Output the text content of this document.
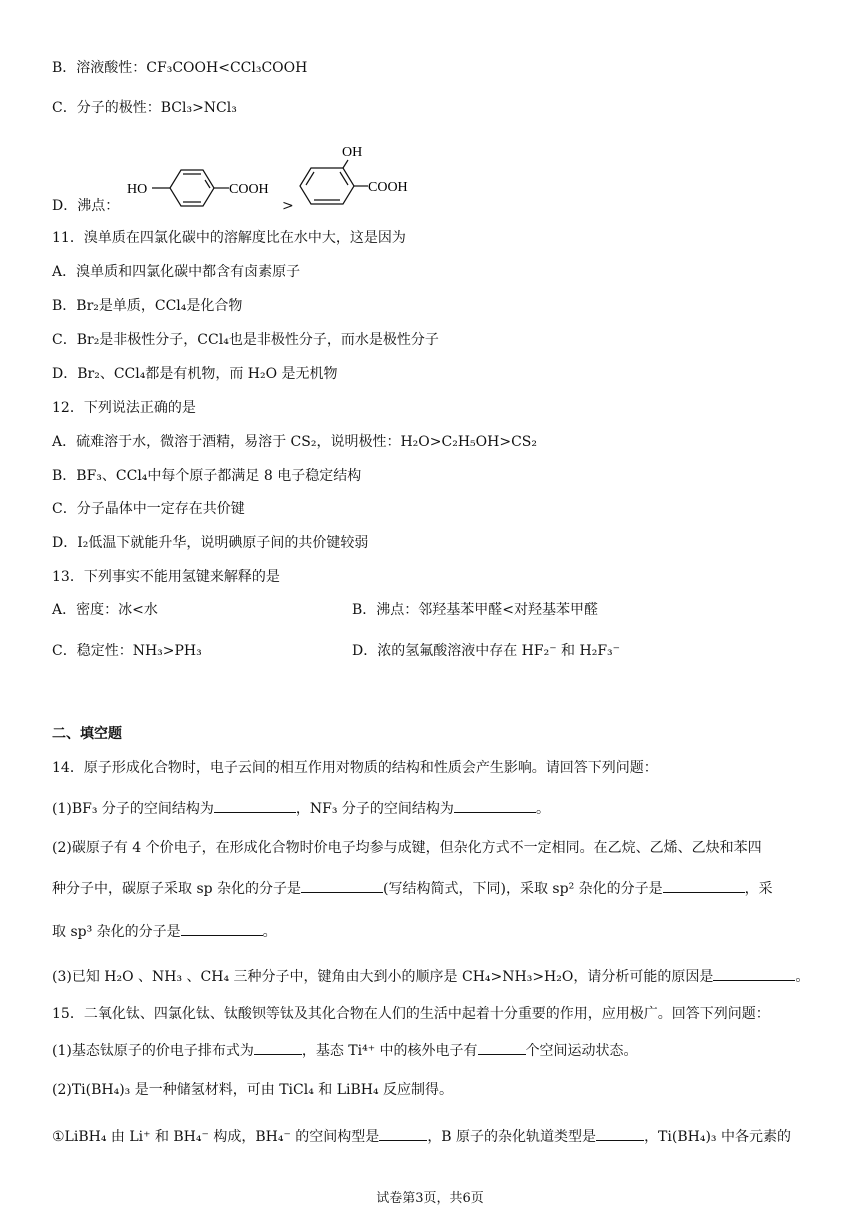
B．溶液酸性：CF₃COOH<CCl₃COOH
C．分子的极性：BCl₃>NCl₃
D．沸点：
HO	COOH
>
OH
COOH
11．溴单质在四氯化碳中的溶解度比在水中大，这是因为
A．溴单质和四氯化碳中都含有卤素原子
B．Br₂是单质，CCl₄是化合物
C．Br₂是非极性分子，CCl₄也是非极性分子，而水是极性分子
D．Br₂、CCl₄都是有机物，而 H₂O 是无机物
12．下列说法正确的是
A．硫难溶于水，微溶于酒精，易溶于 CS₂，说明极性：H₂O>C₂H₅OH>CS₂
B．BF₃、CCl₄中每个原子都满足 8 电子稳定结构
C．分子晶体中一定存在共价键
D．I₂低温下就能升华，说明碘原子间的共价键较弱
13．下列事实不能用氢键来解释的是
A．密度：冰<水	B．沸点：邻羟基苯甲醛<对羟基苯甲醛
C．稳定性：NH₃>PH₃	D．浓的氢氟酸溶液中存在 HF₂⁻ 和 H₂F₃⁻
二、填空题
14．原子形成化合物时，电子云间的相互作用对物质的结构和性质会产生影响。请回答下列问题：
(1)BF₃ 分子的空间结构为	，NF₃ 分子的空间结构为	。
(2)碳原子有 4 个价电子，在形成化合物时价电子均参与成键，但杂化方式不一定相同。在乙烷、乙烯、乙炔和苯四
种分子中，碳原子采取 sp 杂化的分子是	(写结构简式，下同)，采取 sp² 杂化的分子是	，采
取 sp³ 杂化的分子是	。
(3)已知 H₂O 、NH₃ 、CH₄ 三种分子中，键角由大到小的顺序是 CH₄>NH₃>H₂O，请分析可能的原因是	。
15．二氧化钛、四氯化钛、钛酸钡等钛及其化合物在人们的生活中起着十分重要的作用，应用极广。回答下列问题：
(1)基态钛原子的价电子排布式为	，基态 Ti⁴⁺ 中的核外电子有	个空间运动状态。
(2)Ti(BH₄)₃ 是一种储氢材料，可由 TiCl₄ 和 LiBH₄ 反应制得。
①LiBH₄ 由 Li⁺ 和 BH₄⁻ 构成，BH₄⁻ 的空间构型是	，B 原子的杂化轨道类型是	，Ti(BH₄)₃ 中各元素的
试卷第3页，共6页
